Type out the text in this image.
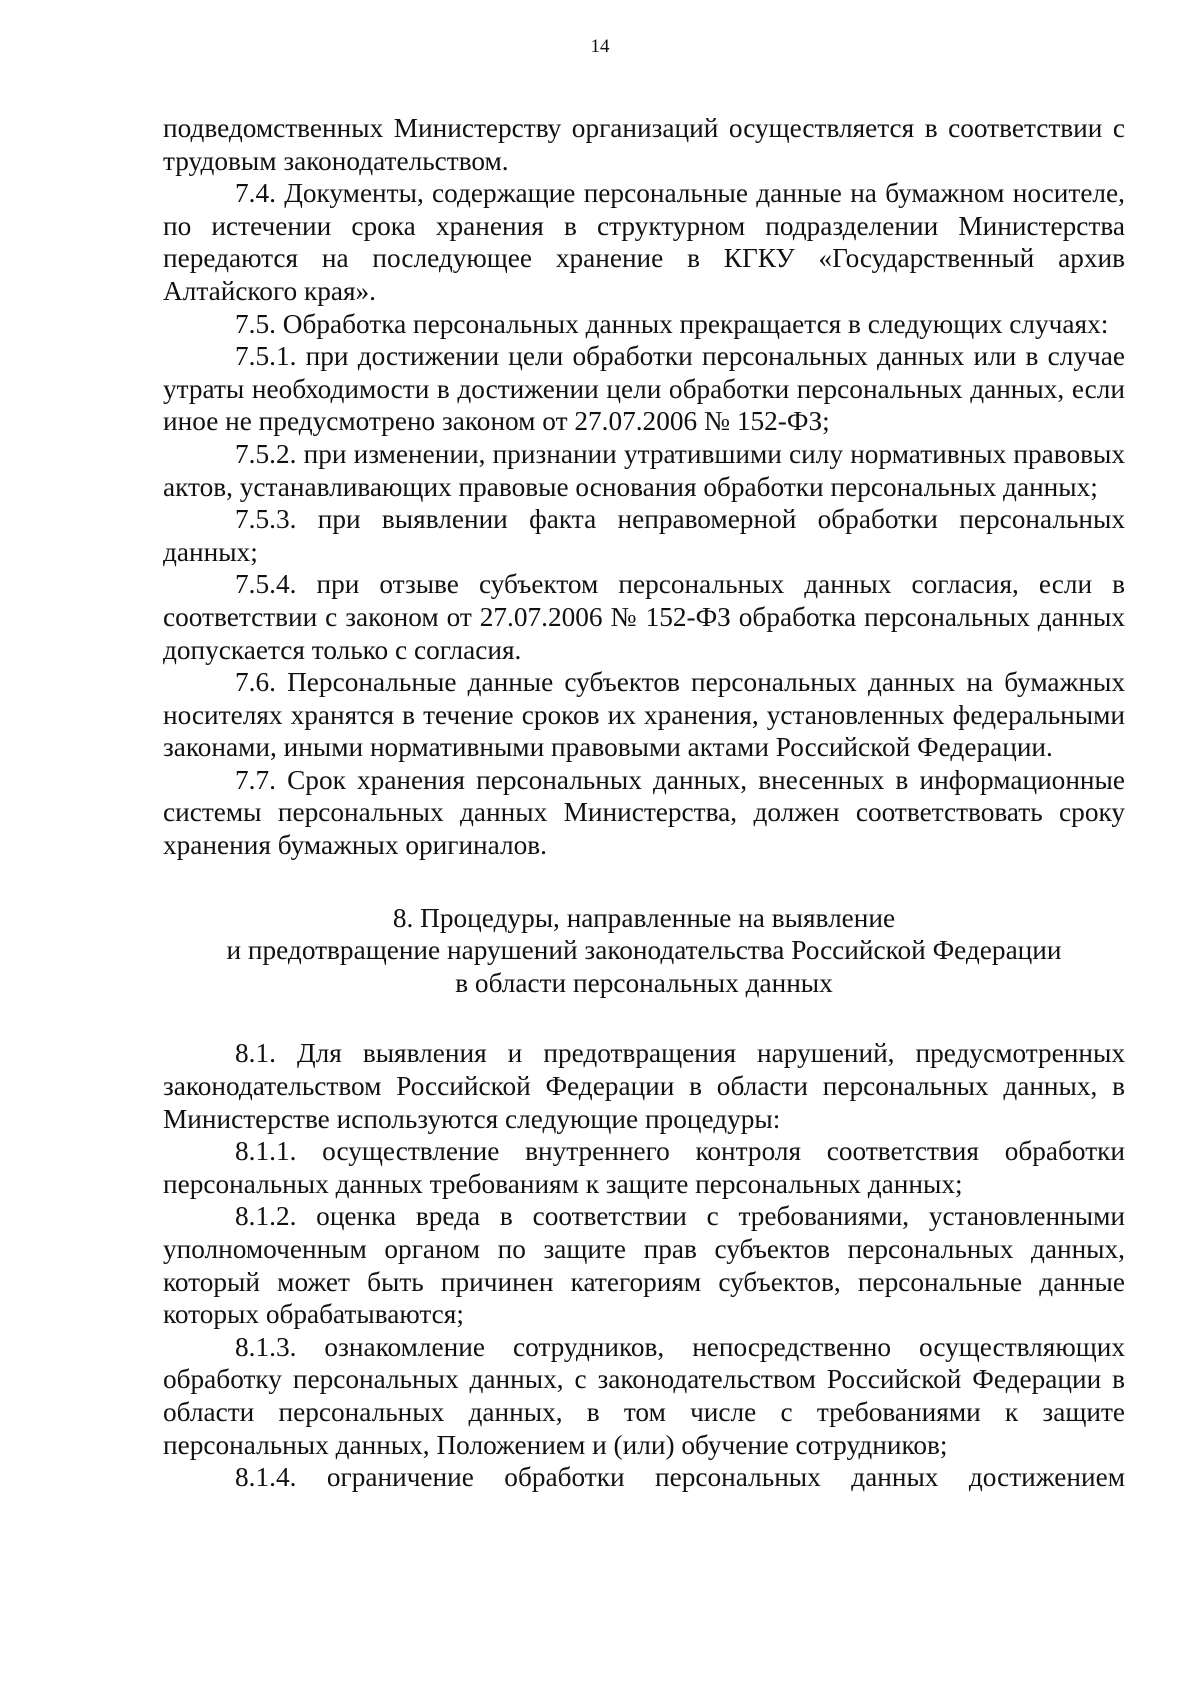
14

подведомственных Министерству организаций осуществляется в соответствии с трудовым законодательством.

7.4. Документы, содержащие персональные данные на бумажном носителе, по истечении срока хранения в структурном подразделении Министерства передаются на последующее хранение в КГКУ «Государственный архив Алтайского края».

7.5. Обработка персональных данных прекращается в следующих случаях:

7.5.1. при достижении цели обработки персональных данных или в случае утраты необходимости в достижении цели обработки персональных данных, если иное не предусмотрено законом от 27.07.2006 № 152-ФЗ;

7.5.2. при изменении, признании утратившими силу нормативных правовых актов, устанавливающих правовые основания обработки персональных данных;

7.5.3. при выявлении факта неправомерной обработки персональных данных;

7.5.4. при отзыве субъектом персональных данных согласия, если в соответствии с законом от 27.07.2006 № 152-ФЗ обработка персональных данных допускается только с согласия.

7.6. Персональные данные субъектов персональных данных на бумажных носителях хранятся в течение сроков их хранения, установленных федеральными законами, иными нормативными правовыми актами Российской Федерации.

7.7. Срок хранения персональных данных, внесенных в информационные системы персональных данных Министерства, должен соответствовать сроку хранения бумажных оригиналов.

8. Процедуры, направленные на выявление
и предотвращение нарушений законодательства Российской Федерации
в области персональных данных

8.1. Для выявления и предотвращения нарушений, предусмотренных законодательством Российской Федерации в области персональных данных, в Министерстве используются следующие процедуры:

8.1.1. осуществление внутреннего контроля соответствия обработки персональных данных требованиям к защите персональных данных;

8.1.2. оценка вреда в соответствии с требованиями, установленными уполномоченным органом по защите прав субъектов персональных данных, который может быть причинен категориям субъектов, персональные данные которых обрабатываются;

8.1.3. ознакомление сотрудников, непосредственно осуществляющих обработку персональных данных, с законодательством Российской Федерации в области персональных данных, в том числе с требованиями к защите персональных данных, Положением и (или) обучение сотрудников;

8.1.4. ограничение обработки персональных данных достижением
